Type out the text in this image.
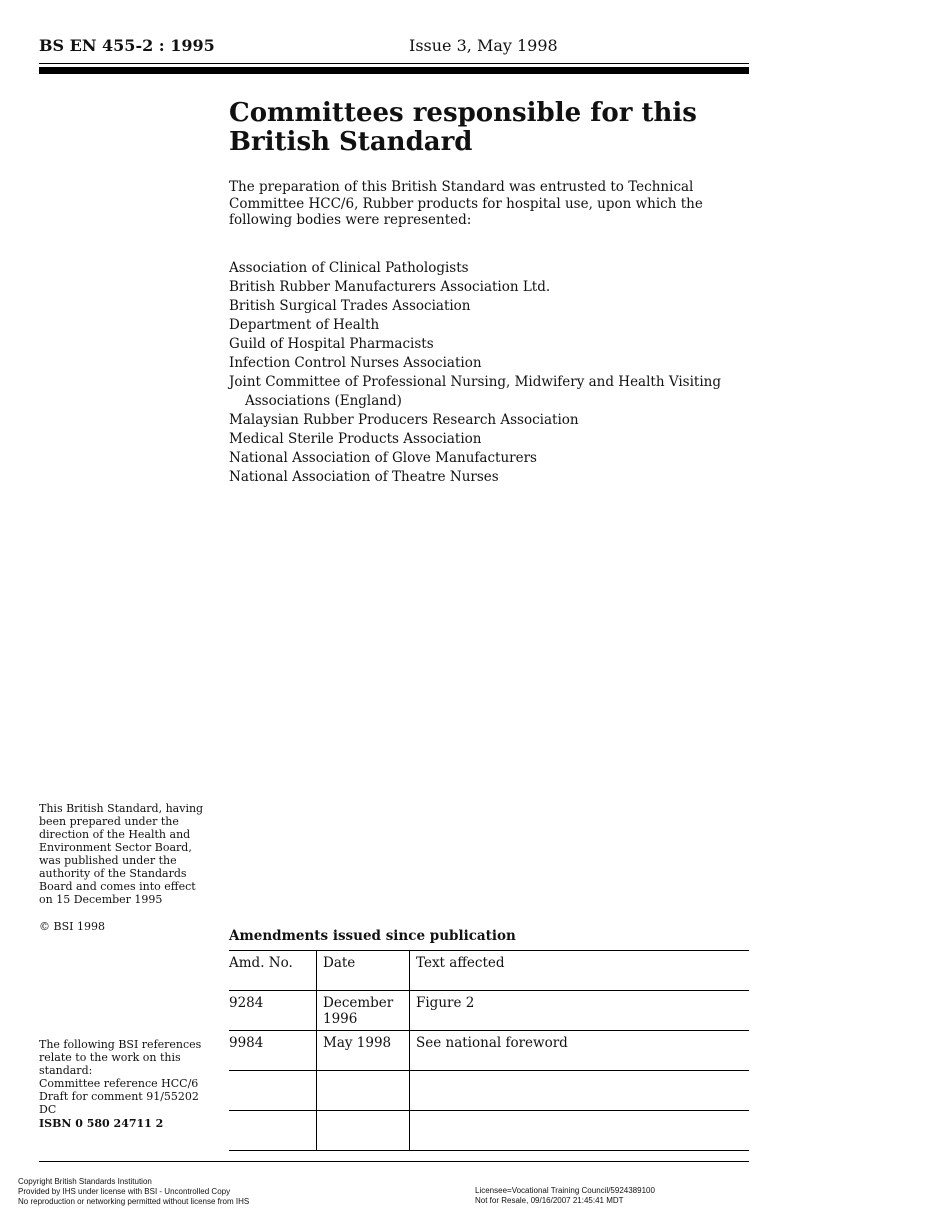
BS EN 455-2 : 1995	Issue 3, May 1998
Committees responsible for this British Standard
The preparation of this British Standard was entrusted to Technical Committee HCC/6, Rubber products for hospital use, upon which the following bodies were represented:
Association of Clinical Pathologists
British Rubber Manufacturers Association Ltd.
British Surgical Trades Association
Department of Health
Guild of Hospital Pharmacists
Infection Control Nurses Association
Joint Committee of Professional Nursing, Midwifery and Health Visiting Associations (England)
Malaysian Rubber Producers Research Association
Medical Sterile Products Association
National Association of Glove Manufacturers
National Association of Theatre Nurses
This British Standard, having been prepared under the direction of the Health and Environment Sector Board, was published under the authority of the Standards Board and comes into effect on 15 December 1995
© BSI 1998
The following BSI references relate to the work on this standard:
Committee reference HCC/6
Draft for comment 91/55202 DC
ISBN 0 580 24711 2
Amendments issued since publication
Amd. No.	Date	Text affected
9284	December 1996	Figure 2
9984	May 1998	See national foreword

Copyright British Standards Institution
Provided by IHS under license with BSI - Uncontrolled Copy
No reproduction or networking permitted without license from IHS
Licensee=Vocational Training Council/5924389100
Not for Resale, 09/16/2007 21:45:41 MDT
